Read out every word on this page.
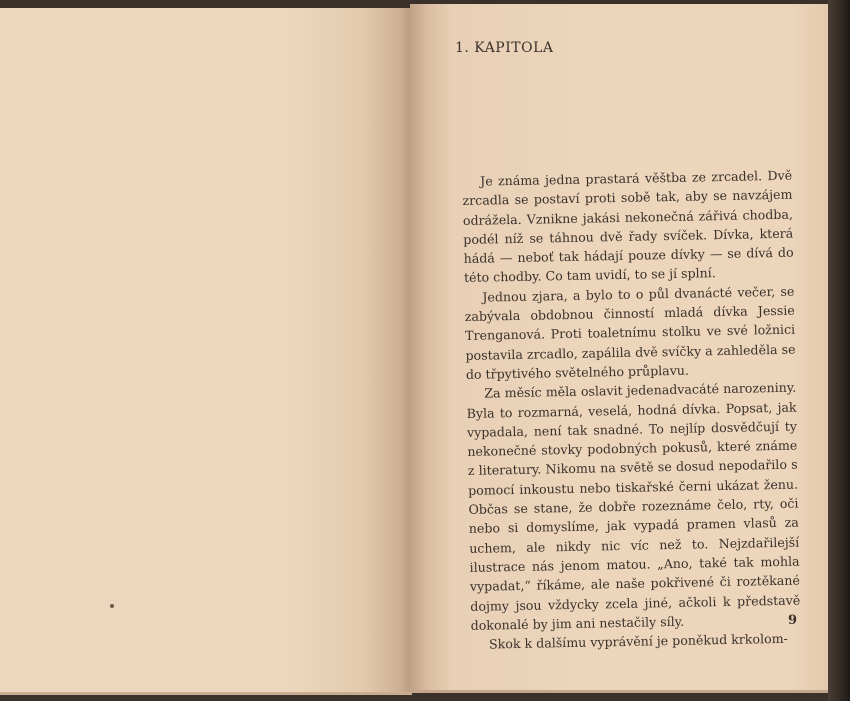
1. KAPITOLA

Je známa jedna prastará věštba ze zrcadel. Dvě zrcadla se postaví proti sobě tak, aby se navzájem odrážela. Vznikne jakási nekonečná zářivá chodba, podél níž se táhnou dvě řady svíček. Dívka, která hádá — neboť tak hádají pouze dívky — se dívá do této chodby. Co tam uvidí, to se jí splní.

Jednou zjara, a bylo to o půl dvanácté večer, se zabývala obdobnou činností mladá dívka Jessie Trenganová. Proti toaletnímu stolku ve své ložnici postavila zrcadlo, zapálila dvě svíčky a zahleděla se do třpytivého světelného průplavu.

Za měsíc měla oslavit jedenadvacáté narozeniny. Byla to rozmarná, veselá, hodná dívka. Popsat, jak vypadala, není tak snadné. To nejlíp dosvědčují ty nekonečné stovky podobných pokusů, které známe z literatury. Nikomu na světě se dosud nepodařilo s pomocí inkoustu nebo tiskařské černi ukázat ženu. Občas se stane, že dobře rozeznáme čelo, rty, oči nebo si domyslíme, jak vypadá pramen vlasů za uchem, ale nikdy nic víc než to. Nejzdařilejší ilustrace nás jenom matou. „Ano, také tak mohla vypadat,“ říkáme, ale naše pokřivené či roztěkané dojmy jsou vždycky zcela jiné, ačkoli k představě dokonalé by jim ani nestačily síly.

Skok k dalšímu vyprávění je poněkud krkolom-

9
